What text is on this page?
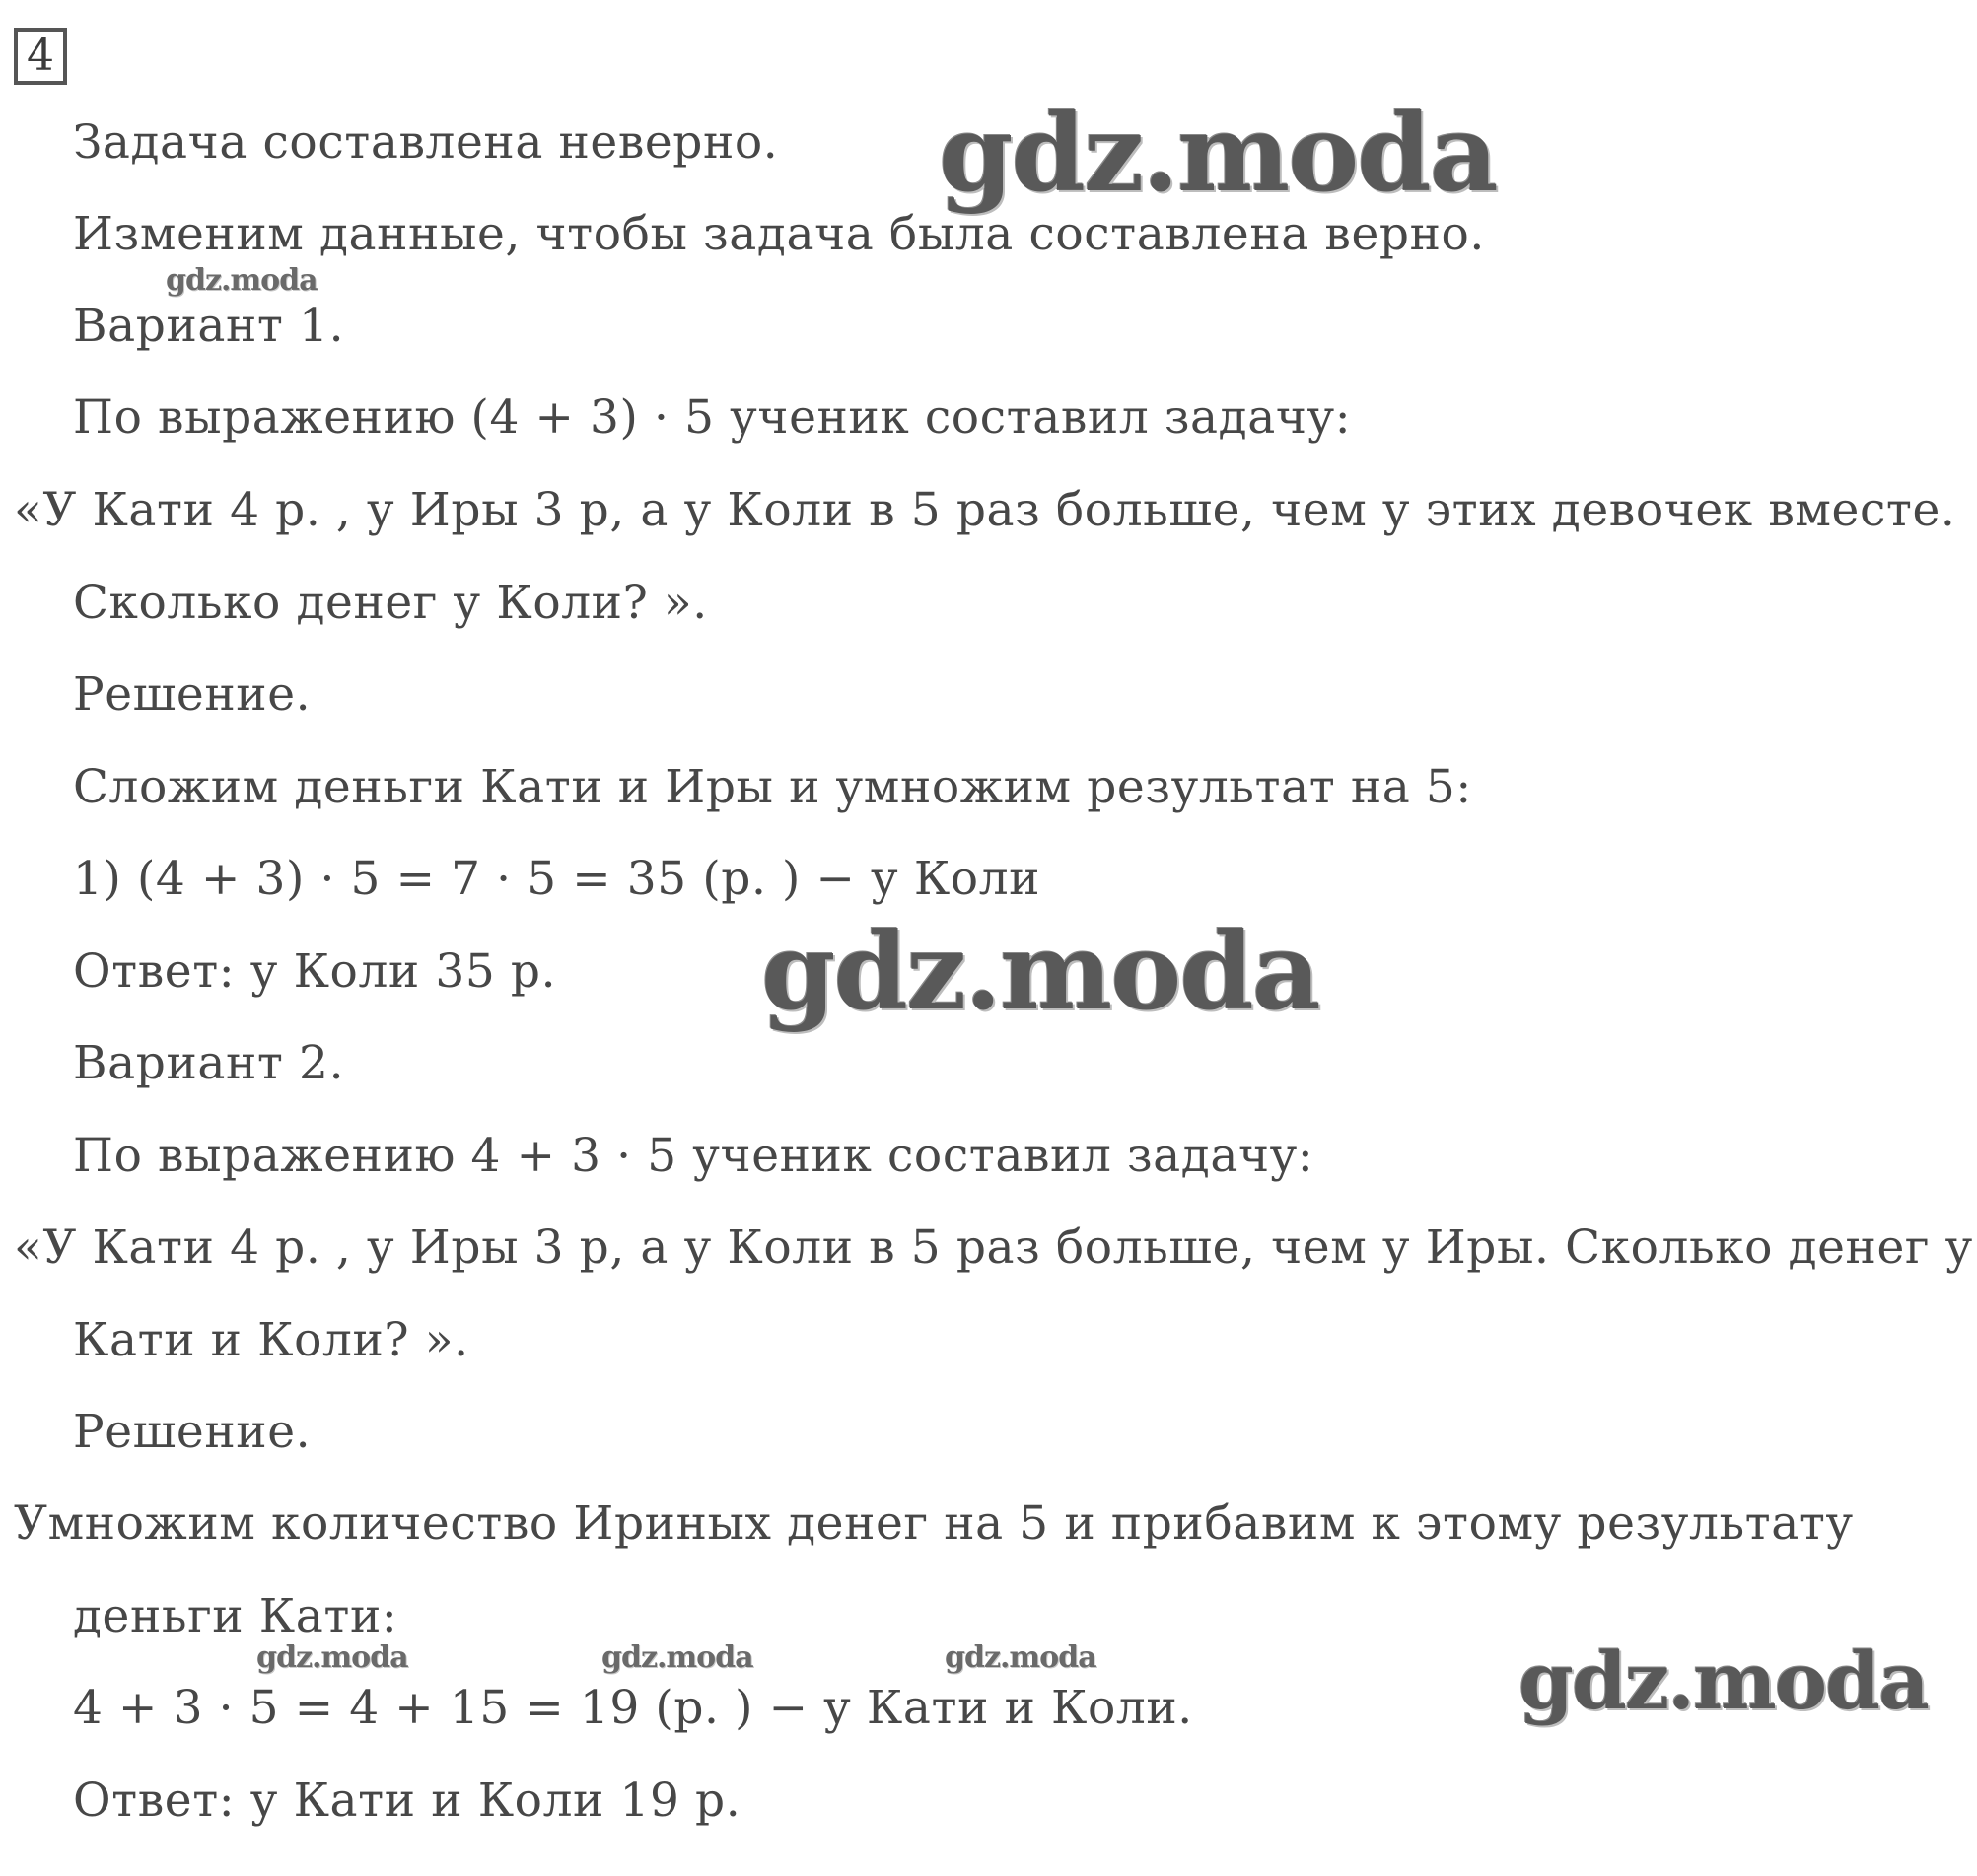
4
Задача составлена неверно.
Изменим данные, чтобы задача была составлена верно.
Вариант 1.
По выражению (4 + 3) · 5 ученик составил задачу:
«У Кати 4 р. , у Иры 3 р, а у Коли в 5 раз больше, чем у этих девочек вместе.
Сколько денег у Коли? ».
Решение.
Сложим деньги Кати и Иры и умножим результат на 5:
1) (4 + 3) · 5 = 7 · 5 = 35 (р. ) − у Коли
Ответ: у Коли 35 р.
Вариант 2.
По выражению 4 + 3 · 5 ученик составил задачу:
«У Кати 4 р. , у Иры 3 р, а у Коли в 5 раз больше, чем у Иры. Сколько денег у
Кати и Коли? ».
Решение.
Умножим количество Ириных денег на 5 и прибавим к этому результату
деньги Кати:
4 + 3 · 5 = 4 + 15 = 19 (р. ) − у Кати и Коли.
Ответ: у Кати и Коли 19 р.
gdz.moda
gdz.moda
gdz.moda
gdz.moda	gdz.moda	gdz.moda	gdz.moda
